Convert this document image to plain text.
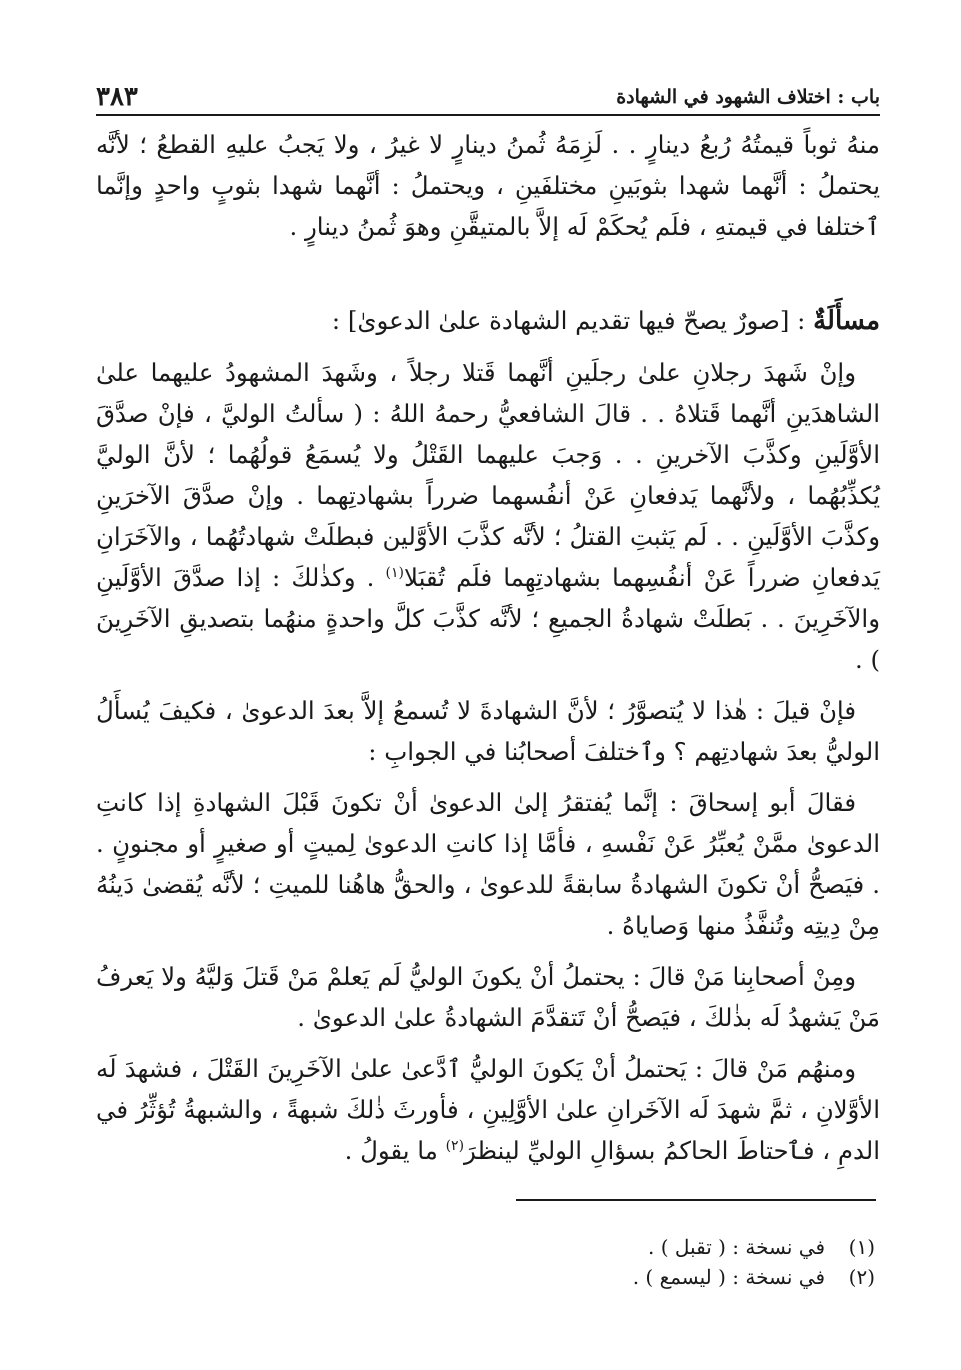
باب : اختلاف الشهود في الشهادة
٣٨٣

منهُ ثوباً قيمتُهُ رُبعُ دينارٍ . . لَزِمَهُ ثُمنُ دينارٍ لا غيرُ ، ولا يَجبُ عليهِ القطعُ ؛ لأنَّه يحتملُ : أنَّهما شهدا بثوبَينِ مختلفَينِ ، ويحتملُ : أنَّهما شهدا بثوبٍ واحدٍ وإنَّما ٱختلفا في قيمتهِ ، فلَم يُحكَمْ لَه إلاَّ بالمتيقَّنِ وهوَ ثُمنُ دينارٍ .

مسأَلَةٌ : [صورٌ يصحّ فيها تقديم الشهادة علىٰ الدعوىٰ] :

وإنْ شَهدَ رجلانِ علىٰ رجلَينِ أنَّهما قَتلا رجلاً ، وشَهدَ المشهودُ عليهما علىٰ الشاهدَينِ أنَّهما قَتلاهُ . . قالَ الشافعيُّ رحمهُ اللهُ : ( سألتُ الوليَّ ، فإنْ صدَّقَ الأوَّلَينِ وكذَّبَ الآخرينِ . . وَجبَ عليهما القَتْلُ ولا يُسمَعُ قولُهُما ؛ لأنَّ الوليَّ يُكذِّبُهُما ، ولأنَّهما يَدفعانِ عَنْ أنفُسهما ضرراً بشهادتِهما . وإنْ صدَّقَ الآخرَينِ وكذَّبَ الأوَّلَينِ . . لَم يَثبتِ القتلُ ؛ لأنَّه كذَّبَ الأوَّلين فبطلَتْ شهادتُهُما ، والآخَرَانِ يَدفعانِ ضرراً عَنْ أنفُسِهما بشهادتِهِما فلَم تُقبَلا$^{(١)}$ . وكذٰلكَ : إذا صدَّقَ الأوَّلَينِ والآخَرِينَ . . بَطلَتْ شهادةُ الجميعِ ؛ لأنَّه كذَّبَ كلَّ واحدةٍ منهُما بتصديقِ الآخَرِينَ ) .

فإنْ قيلَ : هٰذا لا يُتصوَّرُ ؛ لأنَّ الشهادةَ لا تُسمعُ إلاَّ بعدَ الدعوىٰ ، فكيفَ يُسأَلُ الوليُّ بعدَ شهادتِهم ؟ وٱختلفَ أصحابُنا في الجوابِ :

فقالَ أبو إسحاقَ : إنَّما يُفتقرُ إلىٰ الدعوىٰ أنْ تكونَ قَبْلَ الشهادةِ إذا كانتِ الدعوىٰ ممَّنْ يُعبِّرُ عَنْ نَفْسهِ ، فأمَّا إذا كانتِ الدعوىٰ لِميتٍ أو صغيرٍ أو مجنونٍ . . فيَصحُّ أنْ تكونَ الشهادةُ سابقةً للدعوىٰ ، والحقُّ هاهُنا للميتِ ؛ لأنَّه يُقضىٰ دَينُهُ مِنْ دِيتِه وتُنفَّذُ منها وَصاياهُ .

ومِنْ أصحابِنا مَنْ قالَ : يحتملُ أنْ يكونَ الوليُّ لَم يَعلمْ مَنْ قَتلَ وَليَّهُ ولا يَعرفُ مَنْ يَشهدُ لَه بذٰلكَ ، فيَصحُّ أنْ تَتقدَّمَ الشهادةُ علىٰ الدعوىٰ .

ومنهُم مَنْ قالَ : يَحتملُ أنْ يَكونَ الوليُّ ٱدَّعىٰ علىٰ الآخَرِينَ القَتْلَ ، فشهدَ لَه الأوَّلانِ ، ثمَّ شهدَ لَه الآخَرانِ علىٰ الأوَّلِينِ ، فأورثَ ذٰلكَ شبهةً ، والشبهةُ تُؤثِّرُ في الدمِ ، فٱحتاطَ الحاكمُ بسؤالِ الوليِّ لينظرَ$^{(٢)}$ ما يقولُ .

(١)
في نسخة : ( تقبل ) .
(٢)
في نسخة : ( ليسمع ) .
